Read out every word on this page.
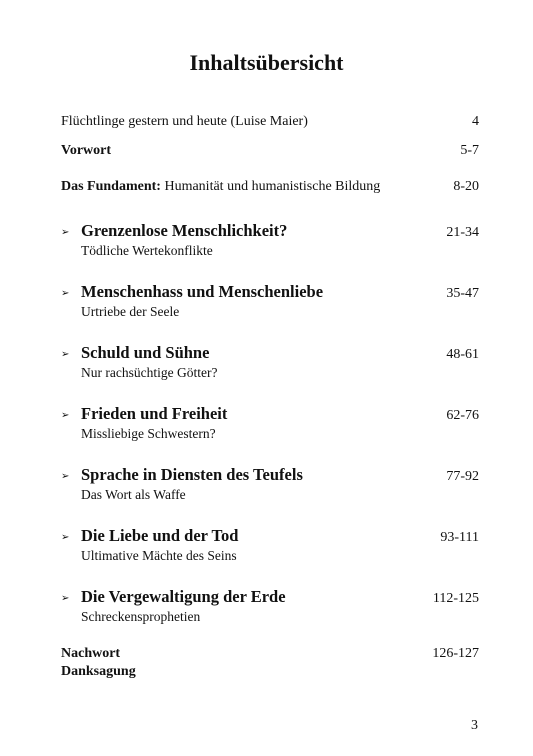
Inhaltsübersicht
Flüchtlinge gestern und heute (Luise Maier)	4
Vorwort	5-7
Das Fundament: Humanität und humanistische Bildung	8-20
➢ Grenzenlose Menschlichkeit?	21-34
Tödliche Wertekonflikte
➢ Menschenhass und Menschenliebe	35-47
Urtriebe der Seele
➢ Schuld und Sühne	48-61
Nur rachsüchtige Götter?
➢ Frieden und Freiheit	62-76
Missliebige Schwestern?
➢ Sprache in Diensten des Teufels	77-92
Das Wort als Waffe
➢ Die Liebe und der Tod	93-111
Ultimative Mächte des Seins
➢ Die Vergewaltigung der Erde	112-125
Schreckensprophetien
Nachwort	126-127
Danksagung
3
